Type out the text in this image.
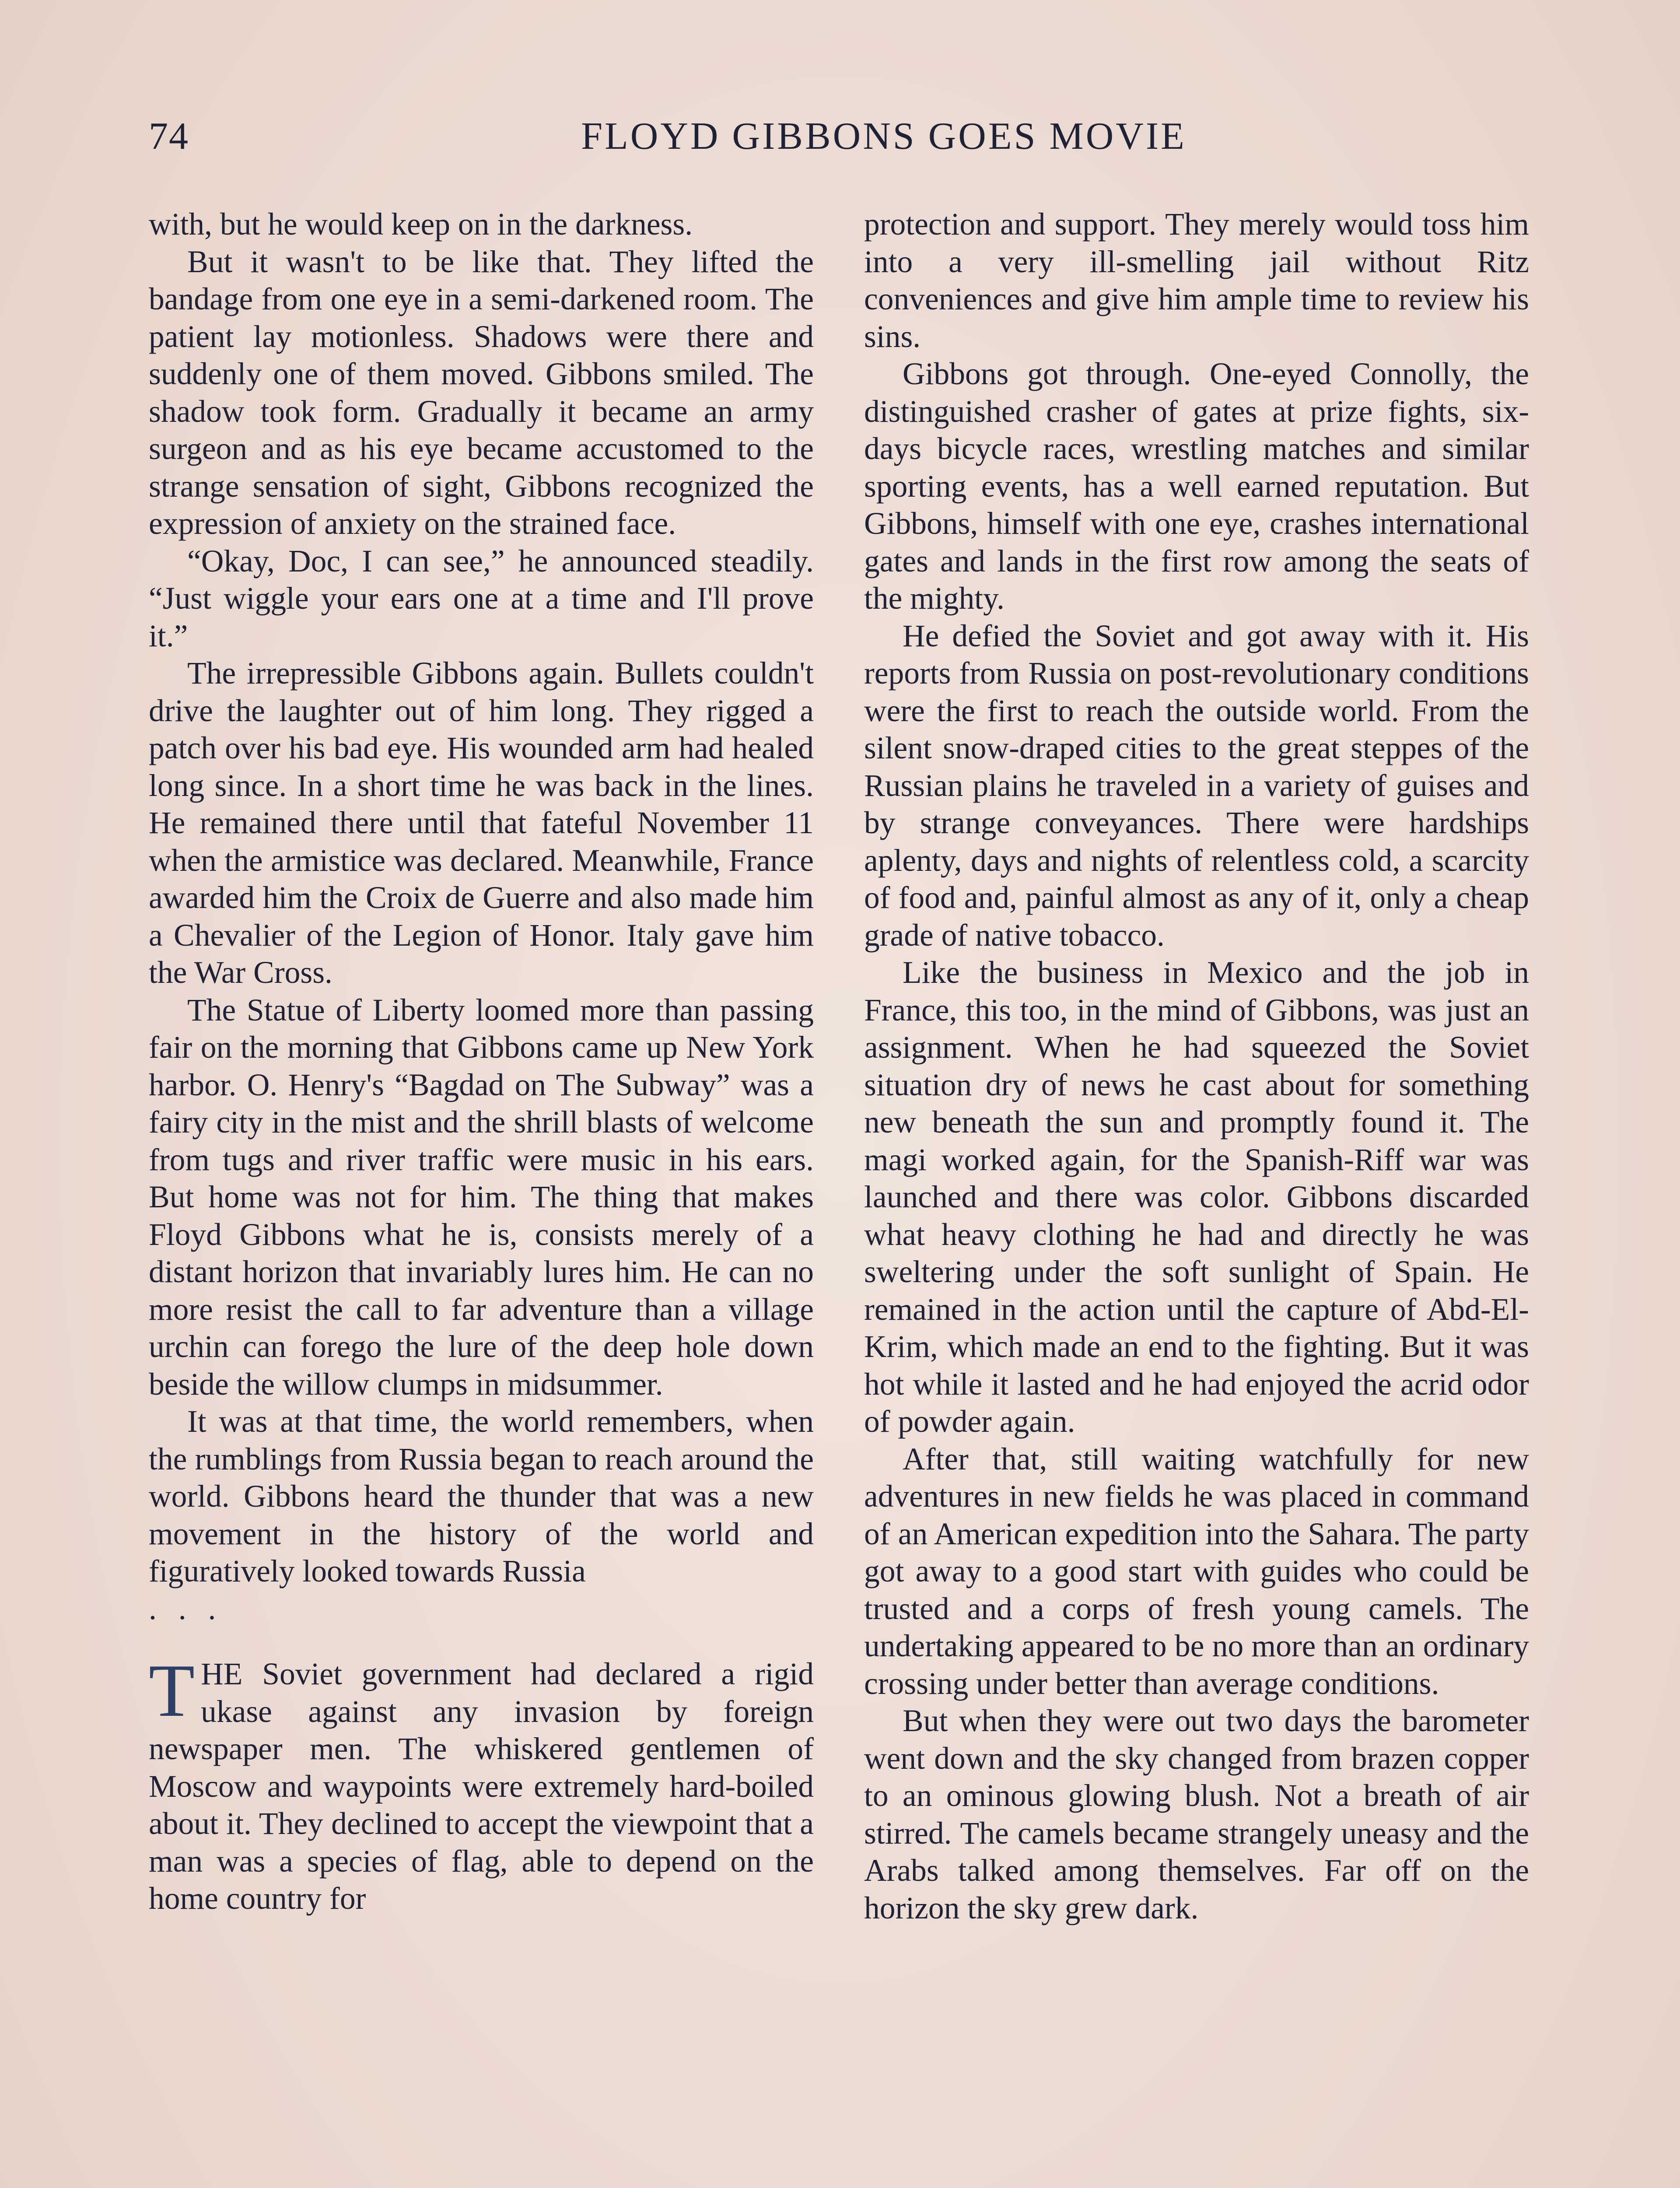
74	FLOYD GIBBONS GOES MOVIE

with, but he would keep on in the darkness.

But it wasn't to be like that. They lifted the bandage from one eye in a semi-darkened room. The patient lay motionless. Shadows were there and suddenly one of them moved. Gibbons smiled. The shadow took form. Gradually it became an army surgeon and as his eye became accustomed to the strange sensation of sight, Gibbons recognized the expression of anxiety on the strained face.

“Okay, Doc, I can see,” he announced steadily. “Just wiggle your ears one at a time and I'll prove it.”

The irrepressible Gibbons again. Bullets couldn't drive the laughter out of him long. They rigged a patch over his bad eye. His wounded arm had healed long since. In a short time he was back in the lines. He remained there until that fateful November 11 when the armistice was declared. Meanwhile, France awarded him the Croix de Guerre and also made him a Chevalier of the Legion of Honor. Italy gave him the War Cross.

The Statue of Liberty loomed more than passing fair on the morning that Gibbons came up New York harbor. O. Henry's “Bagdad on The Subway” was a fairy city in the mist and the shrill blasts of welcome from tugs and river traffic were music in his ears. But home was not for him. The thing that makes Floyd Gibbons what he is, consists merely of a distant horizon that invariably lures him. He can no more resist the call to far adventure than a village urchin can forego the lure of the deep hole down beside the willow clumps in midsummer.

It was at that time, the world remembers, when the rumblings from Russia began to reach around the world. Gibbons heard the thunder that was a new movement in the history of the world and figuratively looked towards Russia

. . .

THE Soviet government had declared a rigid ukase against any invasion by foreign newspaper men. The whiskered gentlemen of Moscow and waypoints were extremely hard-boiled about it. They declined to accept the viewpoint that a man was a species of flag, able to depend on the home country for

protection and support. They merely would toss him into a very ill-smelling jail without Ritz conveniences and give him ample time to review his sins.

Gibbons got through. One-eyed Connolly, the distinguished crasher of gates at prize fights, six-days bicycle races, wrestling matches and similar sporting events, has a well earned reputation. But Gibbons, himself with one eye, crashes international gates and lands in the first row among the seats of the mighty.

He defied the Soviet and got away with it. His reports from Russia on post-revolutionary conditions were the first to reach the outside world. From the silent snow-draped cities to the great steppes of the Russian plains he traveled in a variety of guises and by strange conveyances. There were hardships aplenty, days and nights of relentless cold, a scarcity of food and, painful almost as any of it, only a cheap grade of native tobacco.

Like the business in Mexico and the job in France, this too, in the mind of Gibbons, was just an assignment. When he had squeezed the Soviet situation dry of news he cast about for something new beneath the sun and promptly found it. The magi worked again, for the Spanish-Riff war was launched and there was color. Gibbons discarded what heavy clothing he had and directly he was sweltering under the soft sunlight of Spain. He remained in the action until the capture of Abd-El-Krim, which made an end to the fighting. But it was hot while it lasted and he had enjoyed the acrid odor of powder again.

After that, still waiting watchfully for new adventures in new fields he was placed in command of an American expedition into the Sahara. The party got away to a good start with guides who could be trusted and a corps of fresh young camels. The undertaking appeared to be no more than an ordinary crossing under better than average conditions.

But when they were out two days the barometer went down and the sky changed from brazen copper to an ominous glowing blush. Not a breath of air stirred. The camels became strangely uneasy and the Arabs talked among themselves. Far off on the horizon the sky grew dark.
